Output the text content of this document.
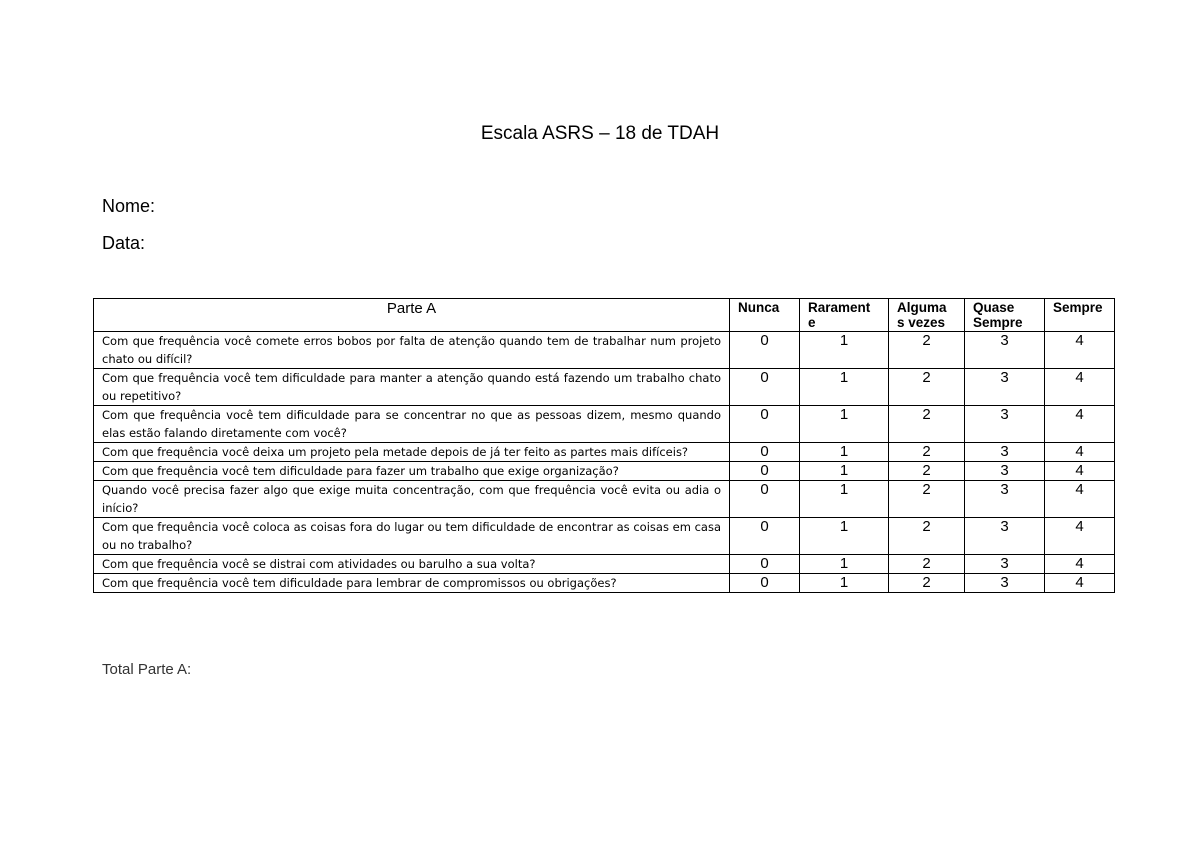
Escala ASRS – 18 de TDAH
Nome:
Data:
Parte A	Nunca	Rarament e	Alguma s vezes	Quase Sempre	Sempre
Com que frequência você comete erros bobos por falta de atenção quando tem de trabalhar num projeto chato ou difícil?	0	1	2	3	4
Com que frequência você tem dificuldade para manter a atenção quando está fazendo um trabalho chato ou repetitivo?	0	1	2	3	4
Com que frequência você tem dificuldade para se concentrar no que as pessoas dizem, mesmo quando elas estão falando diretamente com você?	0	1	2	3	4
Com que frequência você deixa um projeto pela metade depois de já ter feito as partes mais difíceis?	0	1	2	3	4
Com que frequência você tem dificuldade para fazer um trabalho que exige organização?	0	1	2	3	4
Quando você precisa fazer algo que exige muita concentração, com que frequência você evita ou adia o início?	0	1	2	3	4
Com que frequência você coloca as coisas fora do lugar ou tem dificuldade de encontrar as coisas em casa ou no trabalho?	0	1	2	3	4
Com que frequência você se distrai com atividades ou barulho a sua volta?	0	1	2	3	4
Com que frequência você tem dificuldade para lembrar de compromissos ou obrigações?	0	1	2	3	4
Total Parte A:
